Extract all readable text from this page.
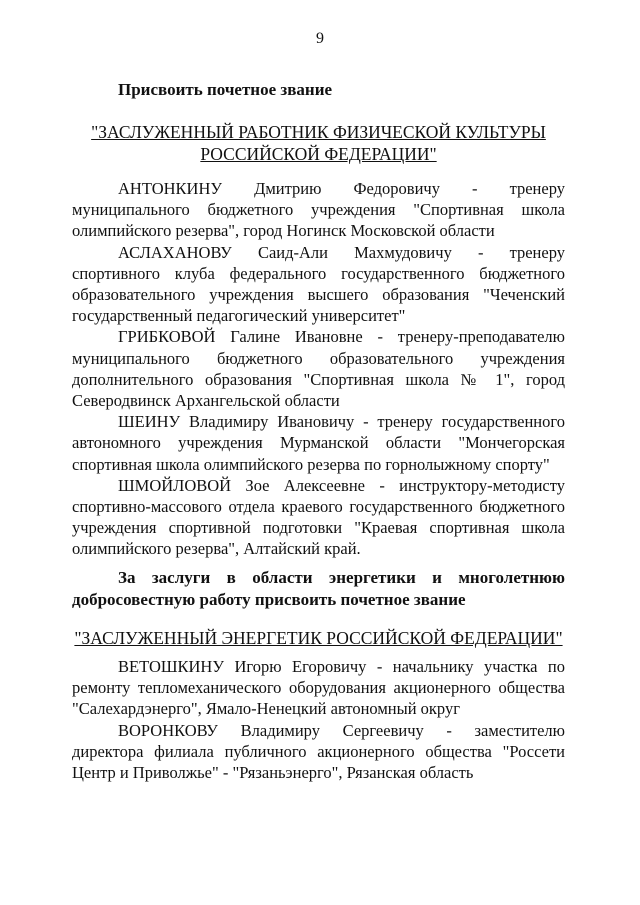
9
Присвоить почетное звание
"ЗАСЛУЖЕННЫЙ РАБОТНИК ФИЗИЧЕСКОЙ КУЛЬТУРЫ
РОССИЙСКОЙ ФЕДЕРАЦИИ"

АНТОНКИНУ Дмитрию Федоровичу - тренеру муниципального бюджетного учреждения "Спортивная школа олимпийского резерва", город Ногинск Московской области

АСЛАХАНОВУ Саид-Али Махмудовичу - тренеру спортивного клуба федерального государственного бюджетного образовательного учреждения высшего образования "Чеченский государственный педагогический университет"

ГРИБКОВОЙ Галине Ивановне - тренеру-преподавателю муниципального бюджетного образовательного учреждения дополнительного образования "Спортивная школа № 1", город Северодвинск Архангельской области

ШЕИНУ Владимиру Ивановичу - тренеру государственного автономного учреждения Мурманской области "Мончегорская спортивная школа олимпийского резерва по горнолыжному спорту"

ШМОЙЛОВОЙ Зое Алексеевне - инструктору-методисту спортивно-массового отдела краевого государственного бюджетного учреждения спортивной подготовки "Краевая спортивная школа олимпийского резерва", Алтайский край.

За заслуги в области энергетики и многолетнюю
добросовестную работу присвоить почетное звание
"ЗАСЛУЖЕННЫЙ ЭНЕРГЕТИК РОССИЙСКОЙ ФЕДЕРАЦИИ"

ВЕТОШКИНУ Игорю Егоровичу - начальнику участка по ремонту тепломеханического оборудования акционерного общества "Салехардэнерго", Ямало-Ненецкий автономный округ

ВОРОНКОВУ Владимиру Сергеевичу - заместителю директора филиала публичного акционерного общества "Россети Центр и Приволжье" - "Рязаньэнерго", Рязанская область
